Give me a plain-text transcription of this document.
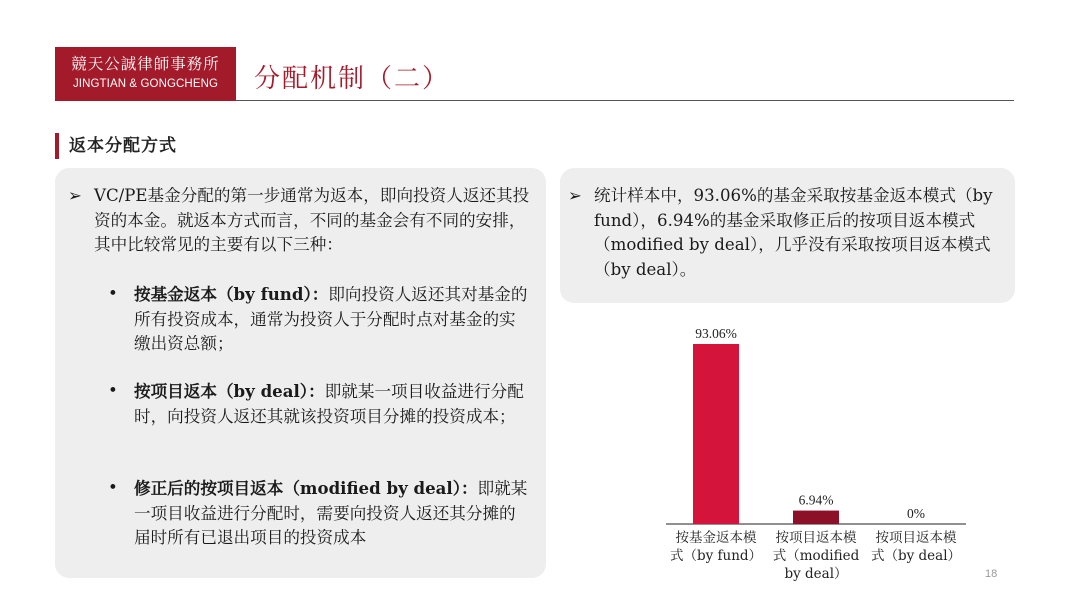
競天公誠律師事務所
JINGTIAN & GONGCHENG	分配机制（二）
返本分配方式
➢ VC/PE基金分配的第一步通常为返本，即向投资人返还其投资的本金。就返本方式而言，不同的基金会有不同的安排，其中比较常见的主要有以下三种：
• 按基金返本（by fund）：即向投资人返还其对基金的所有投资成本，通常为投资人于分配时点对基金的实缴出资总额；
• 按项目返本（by deal）：即就某一项目收益进行分配时，向投资人返还其就该投资项目分摊的投资成本；
• 修正后的按项目返本（modified by deal）：即就某一项目收益进行分配时，需要向投资人返还其分摊的届时所有已退出项目的投资成本
➢ 统计样本中，93.06%的基金采取按基金返本模式（by fund），6.94%的基金采取修正后的按项目返本模式（modified by deal），几乎没有采取按项目返本模式（by deal）。
93.06%
按基金返本模
式（by fund）
6.94%
按项目返本模
式（modified
by deal）
0%
按项目返本模
式（by deal）
18
